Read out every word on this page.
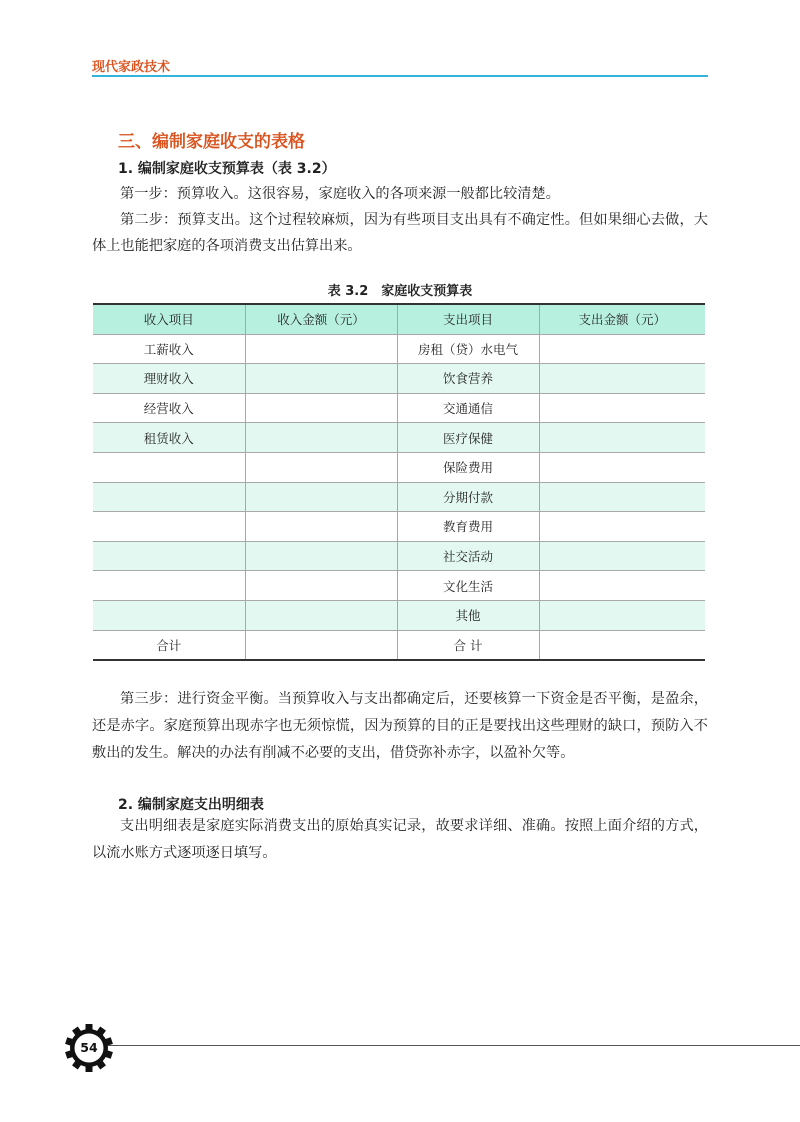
现代家政技术
三、编制家庭收支的表格
1. 编制家庭收支预算表（表 3.2）

第一步：预算收入。这很容易，家庭收入的各项来源一般都比较清楚。

第二步：预算支出。这个过程较麻烦，因为有些项目支出具有不确定性。但如果细心去做，大体上也能把家庭的各项消费支出估算出来。

表 3.2　家庭收支预算表
收入项目	收入金额（元）	支出项目	支出金额（元）
工薪收入		房租（贷）水电气	
理财收入		饮食营养	
经营收入		交通通信	
租赁收入		医疗保健	
		保险费用	
		分期付款	
		教育费用	
		社交活动	
		文化生活	
		其他	
合计		合 计	

第三步：进行资金平衡。当预算收入与支出都确定后，还要核算一下资金是否平衡，是盈余，还是赤字。家庭预算出现赤字也无须惊慌，因为预算的目的正是要找出这些理财的缺口，预防入不敷出的发生。解决的办法有削减不必要的支出，借贷弥补赤字，以盈补欠等。

2. 编制家庭支出明细表

支出明细表是家庭实际消费支出的原始真实记录，故要求详细、准确。按照上面介绍的方式，以流水账方式逐项逐日填写。

54
